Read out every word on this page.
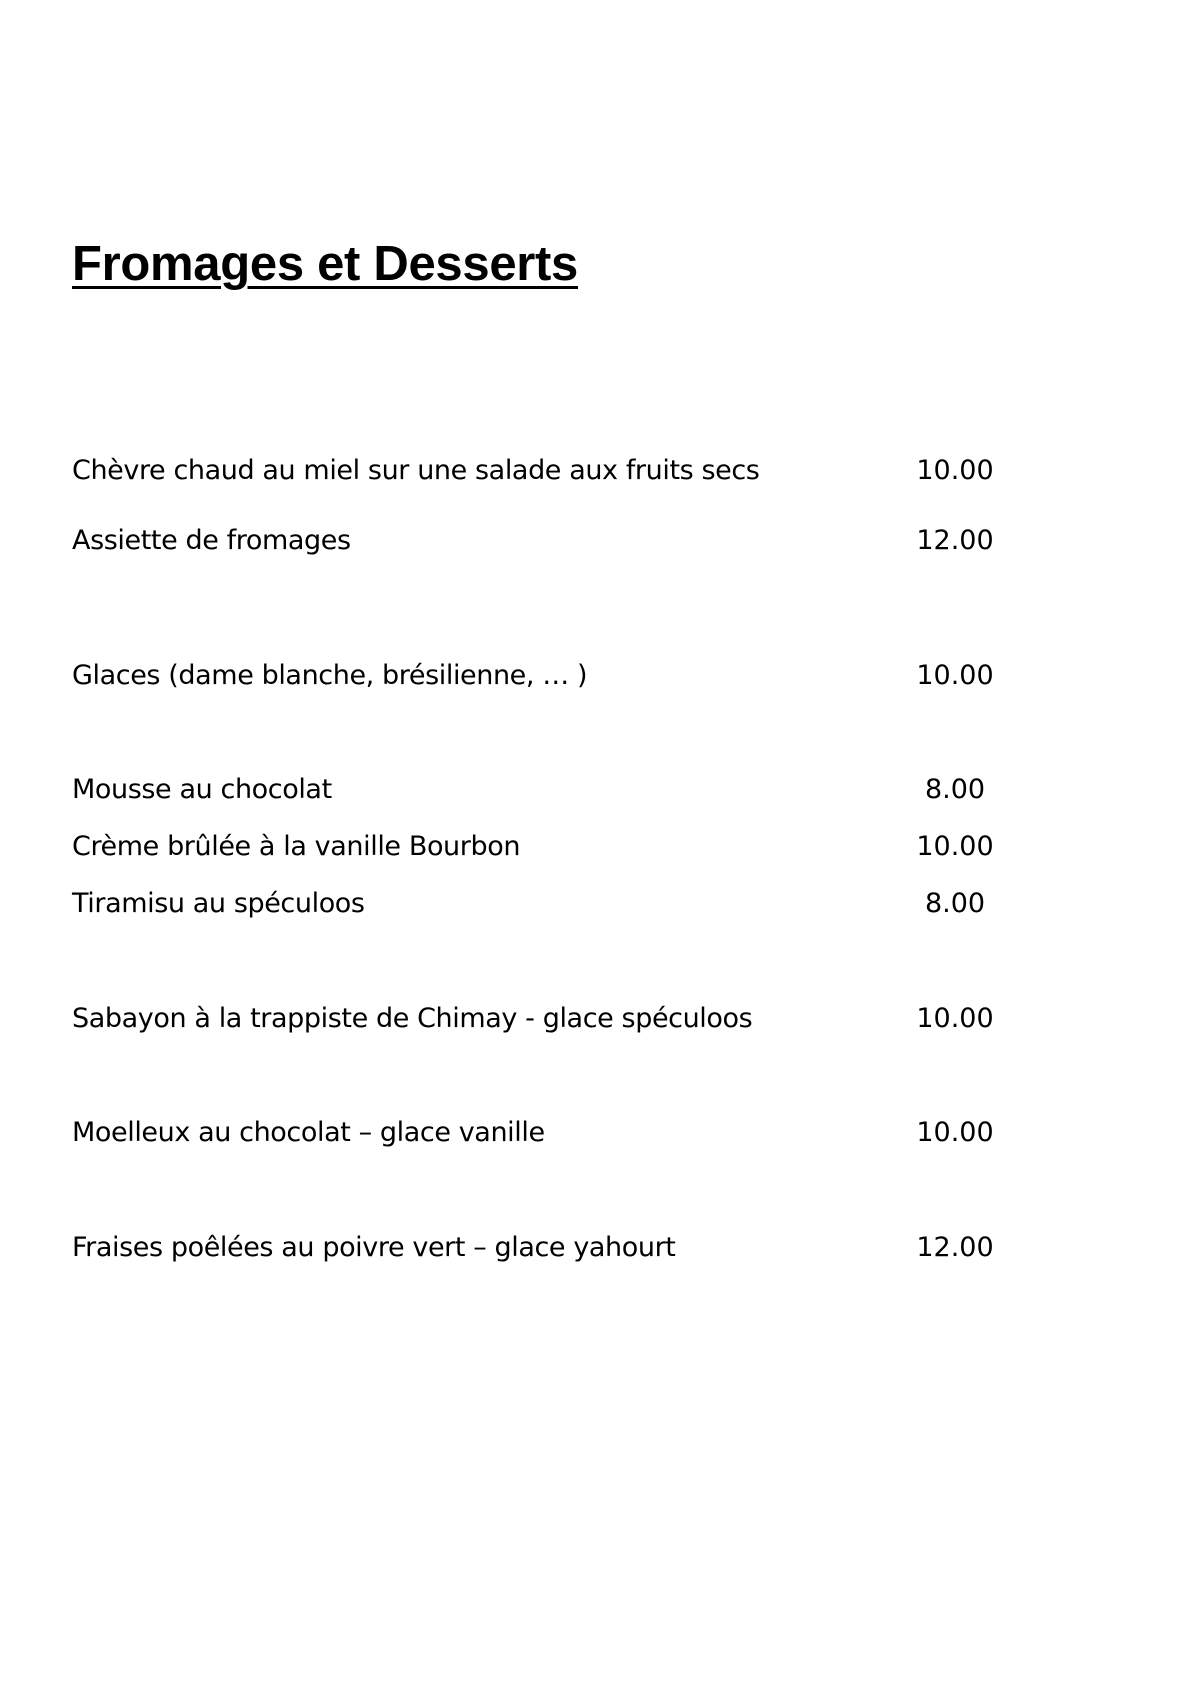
Fromages et Desserts
Chèvre chaud au miel sur une salade aux fruits secs	10.00
Assiette de fromages	12.00
Glaces (dame blanche, brésilienne, … )	10.00
Mousse au chocolat	8.00
Crème brûlée à la vanille Bourbon	10.00
Tiramisu au spéculoos	8.00
Sabayon à la trappiste de Chimay - glace spéculoos	10.00
Moelleux au chocolat – glace vanille	10.00
Fraises poêlées au poivre vert – glace yahourt	12.00
